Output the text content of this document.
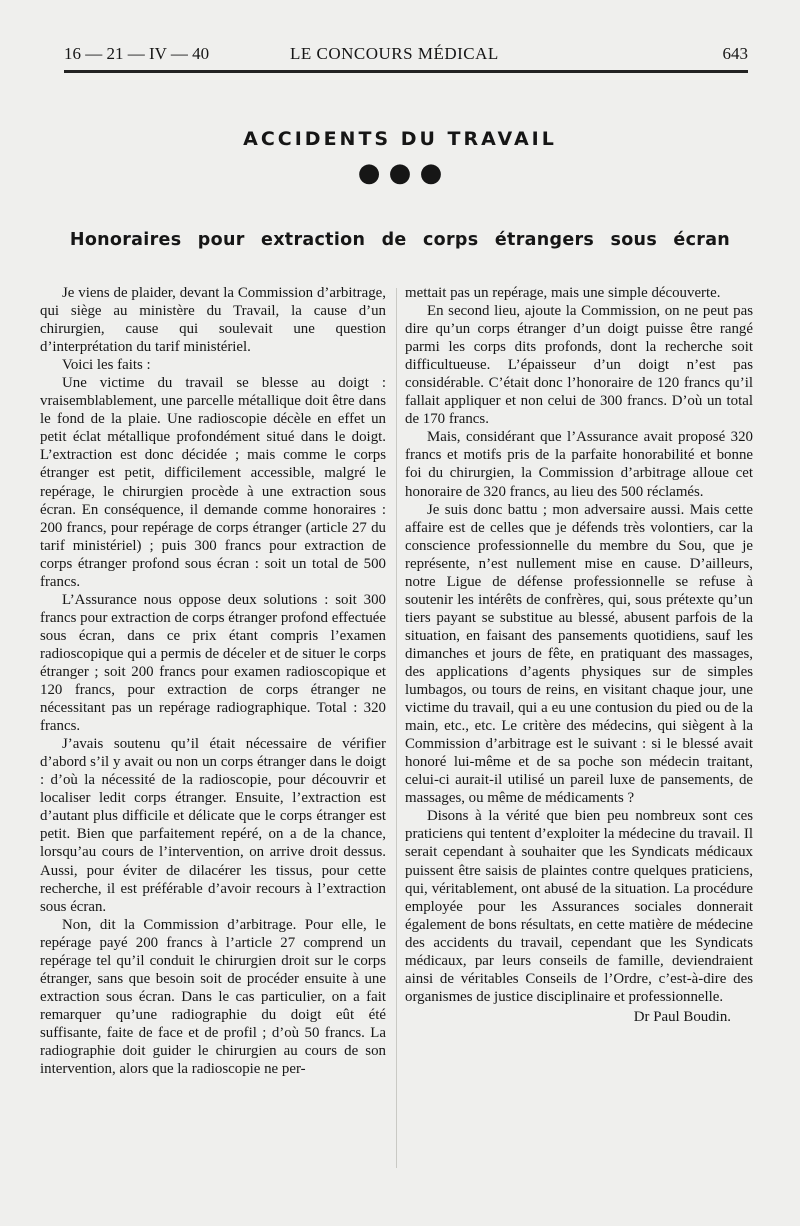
16 — 21 — IV — 40	LE CONCOURS MÉDICAL	643
ACCIDENTS DU TRAVAIL
● ● ●
Honoraires pour extraction de corps étrangers sous écran

Je viens de plaider, devant la Commission d’arbitrage, qui siège au ministère du Travail, la cause d’un chirurgien, cause qui soulevait une question d’interprétation du tarif ministériel.

Voici les faits :

Une victime du travail se blesse au doigt : vraisemblablement, une parcelle métallique doit être dans le fond de la plaie. Une radioscopie décèle en effet un petit éclat métallique profondément situé dans le doigt. L’extraction est donc décidée ; mais comme le corps étranger est petit, difficilement accessible, malgré le repérage, le chirurgien procède à une extraction sous écran. En conséquence, il demande comme honoraires : 200 francs, pour repérage de corps étranger (article 27 du tarif ministériel) ; puis 300 francs pour extraction de corps étranger profond sous écran : soit un total de 500 francs.

L’Assurance nous oppose deux solutions : soit 300 francs pour extraction de corps étranger profond effectuée sous écran, dans ce prix étant compris l’examen radioscopique qui a permis de déceler et de situer le corps étranger ; soit 200 francs pour examen radioscopique et 120 francs, pour extraction de corps étranger ne nécessitant pas un repérage radiographique. Total : 320 francs.

J’avais soutenu qu’il était nécessaire de vérifier d’abord s’il y avait ou non un corps étranger dans le doigt : d’où la nécessité de la radioscopie, pour découvrir et localiser ledit corps étranger. Ensuite, l’extraction est d’autant plus difficile et délicate que le corps étranger est petit. Bien que parfaitement repéré, on a de la chance, lorsqu’au cours de l’intervention, on arrive droit dessus. Aussi, pour éviter de dilacérer les tissus, pour cette recherche, il est préférable d’avoir recours à l’extraction sous écran.

Non, dit la Commission d’arbitrage. Pour elle, le repérage payé 200 francs à l’article 27 comprend un repérage tel qu’il conduit le chirurgien droit sur le corps étranger, sans que besoin soit de procéder ensuite à une extraction sous écran. Dans le cas particulier, on a fait remarquer qu’une radiographie du doigt eût été suffisante, faite de face et de profil ; d’où 50 francs. La radiographie doit guider le chirurgien au cours de son intervention, alors que la radioscopie ne per-

mettait pas un repérage, mais une simple découverte.

En second lieu, ajoute la Commission, on ne peut pas dire qu’un corps étranger d’un doigt puisse être rangé parmi les corps dits profonds, dont la recherche soit difficultueuse. L’épaisseur d’un doigt n’est pas considérable. C’était donc l’honoraire de 120 francs qu’il fallait appliquer et non celui de 300 francs. D’où un total de 170 francs.

Mais, considérant que l’Assurance avait proposé 320 francs et motifs pris de la parfaite honorabilité et bonne foi du chirurgien, la Commission d’arbitrage alloue cet honoraire de 320 francs, au lieu des 500 réclamés.

Je suis donc battu ; mon adversaire aussi. Mais cette affaire est de celles que je défends très volontiers, car la conscience professionnelle du membre du Sou, que je représente, n’est nullement mise en cause. D’ailleurs, notre Ligue de défense professionnelle se refuse à soutenir les intérêts de confrères, qui, sous prétexte qu’un tiers payant se substitue au blessé, abusent parfois de la situation, en faisant des pansements quotidiens, sauf les dimanches et jours de fête, en pratiquant des massages, des applications d’agents physiques sur de simples lumbagos, ou tours de reins, en visitant chaque jour, une victime du travail, qui a eu une contusion du pied ou de la main, etc., etc. Le critère des médecins, qui siègent à la Commission d’arbitrage est le suivant : si le blessé avait honoré lui-même et de sa poche son médecin traitant, celui-ci aurait-il utilisé un pareil luxe de pansements, de massages, ou même de médicaments ?

Disons à la vérité que bien peu nombreux sont ces praticiens qui tentent d’exploiter la médecine du travail. Il serait cependant à souhaiter que les Syndicats médicaux puissent être saisis de plaintes contre quelques praticiens, qui, véritablement, ont abusé de la situation. La procédure employée pour les Assurances sociales donnerait également de bons résultats, en cette matière de médecine des accidents du travail, cependant que les Syndicats médicaux, par leurs conseils de famille, deviendraient ainsi de véritables Conseils de l’Ordre, c’est-à-dire des organismes de justice disciplinaire et professionnelle.

Dr Paul Boudin.
